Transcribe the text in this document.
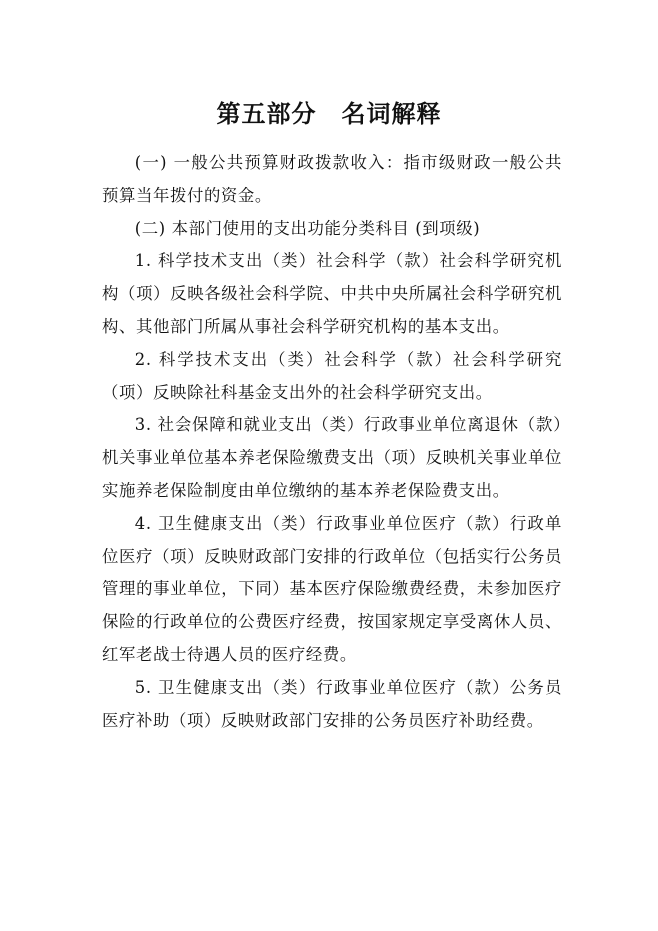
第五部分　名词解释

(一) 一般公共预算财政拨款收入：指市级财政一般公共预算当年拨付的资金。

(二) 本部门使用的支出功能分类科目 (到项级)

1. 科学技术支出（类）社会科学（款）社会科学研究机构（项）反映各级社会科学院、中共中央所属社会科学研究机构、其他部门所属从事社会科学研究机构的基本支出。

2. 科学技术支出（类）社会科学（款）社会科学研究（项）反映除社科基金支出外的社会科学研究支出。

3. 社会保障和就业支出（类）行政事业单位离退休（款）机关事业单位基本养老保险缴费支出（项）反映机关事业单位实施养老保险制度由单位缴纳的基本养老保险费支出。

4. 卫生健康支出（类）行政事业单位医疗（款）行政单位医疗（项）反映财政部门安排的行政单位（包括实行公务员管理的事业单位，下同）基本医疗保险缴费经费，未参加医疗保险的行政单位的公费医疗经费，按国家规定享受离休人员、红军老战士待遇人员的医疗经费。

5. 卫生健康支出（类）行政事业单位医疗（款）公务员医疗补助（项）反映财政部门安排的公务员医疗补助经费。
